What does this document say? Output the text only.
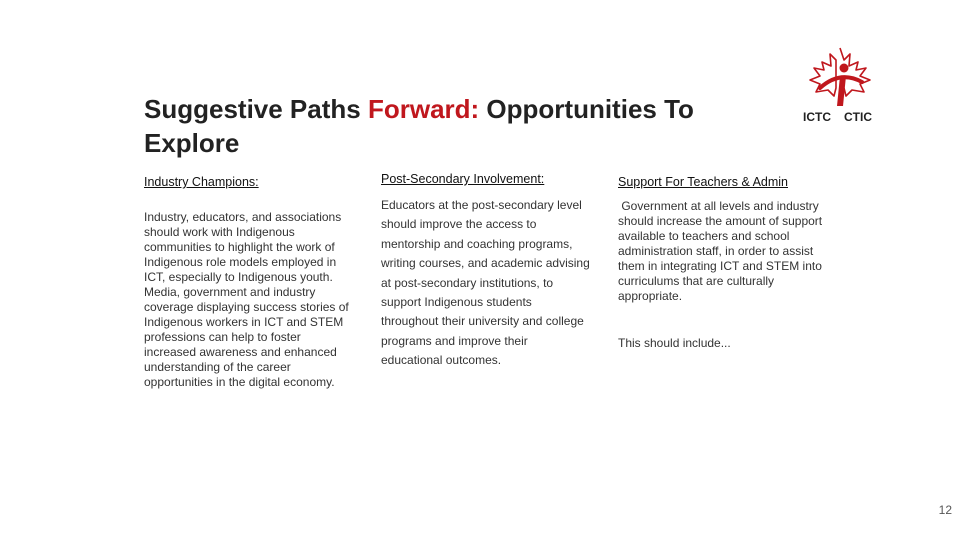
Suggestive Paths Forward: Opportunities To Explore
ICTC CTIC
Industry Champions:

Industry, educators, and associations should work with Indigenous communities to highlight the work of Indigenous role models employed in ICT, especially to Indigenous youth. Media, government and industry coverage displaying success stories of Indigenous workers in ICT and STEM professions can help to foster increased awareness and enhanced understanding of the career opportunities in the digital economy.

Post-Secondary Involvement:

Educators at the post-secondary level should improve the access to mentorship and coaching programs, writing courses, and academic advising at post-secondary institutions, to support Indigenous students throughout their university and college programs and improve their educational outcomes.

Support For Teachers & Admin

Government at all levels and industry should increase the amount of support available to teachers and school administration staff, in order to assist them in integrating ICT and STEM into curriculums that are culturally appropriate.

This should include...

12
